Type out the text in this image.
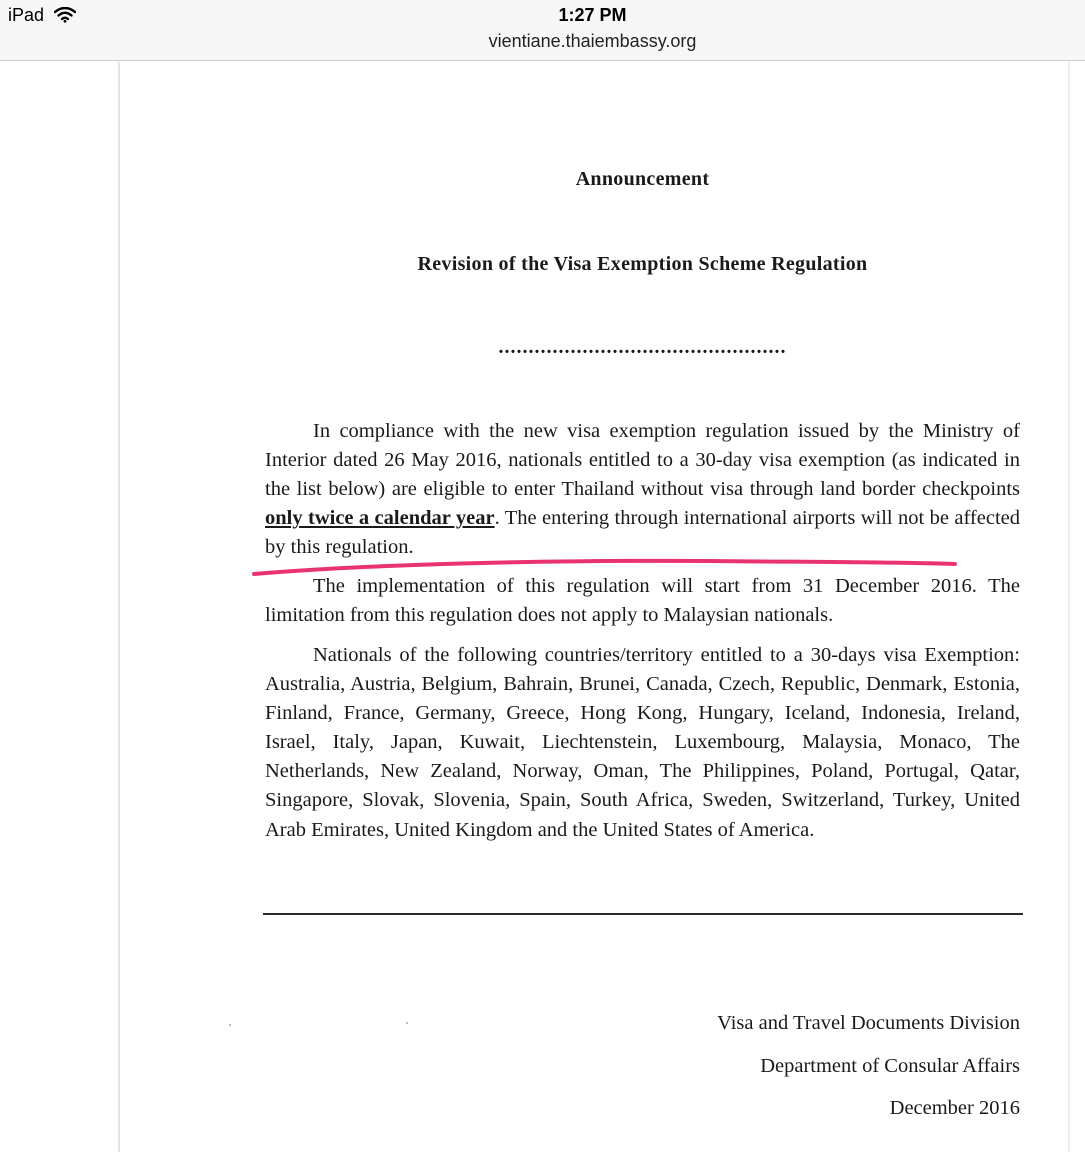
iPad	1:27 PM
vientiane.thaiembassy.org
Announcement
Revision of the Visa Exemption Scheme Regulation
................................................
In compliance with the new visa exemption regulation issued by the Ministry of Interior dated 26 May 2016, nationals entitled to a 30-day visa exemption (as indicated in the list below) are eligible to enter Thailand without visa through land border checkpoints only twice a calendar year. The entering through international airports will not be affected by this regulation.
The implementation of this regulation will start from 31 December 2016. The limitation from this regulation does not apply to Malaysian nationals.
Nationals of the following countries/territory entitled to a 30-days visa Exemption: Australia, Austria, Belgium, Bahrain, Brunei, Canada, Czech, Republic, Denmark, Estonia, Finland, France, Germany, Greece, Hong Kong, Hungary, Iceland, Indonesia, Ireland, Israel, Italy, Japan, Kuwait, Liechtenstein, Luxembourg, Malaysia, Monaco, The Netherlands, New Zealand, Norway, Oman, The Philippines, Poland, Portugal, Qatar, Singapore, Slovak, Slovenia, Spain, South Africa, Sweden, Switzerland, Turkey, United Arab Emirates, United Kingdom and the United States of America.
Visa and Travel Documents Division
Department of Consular Affairs
December 2016
